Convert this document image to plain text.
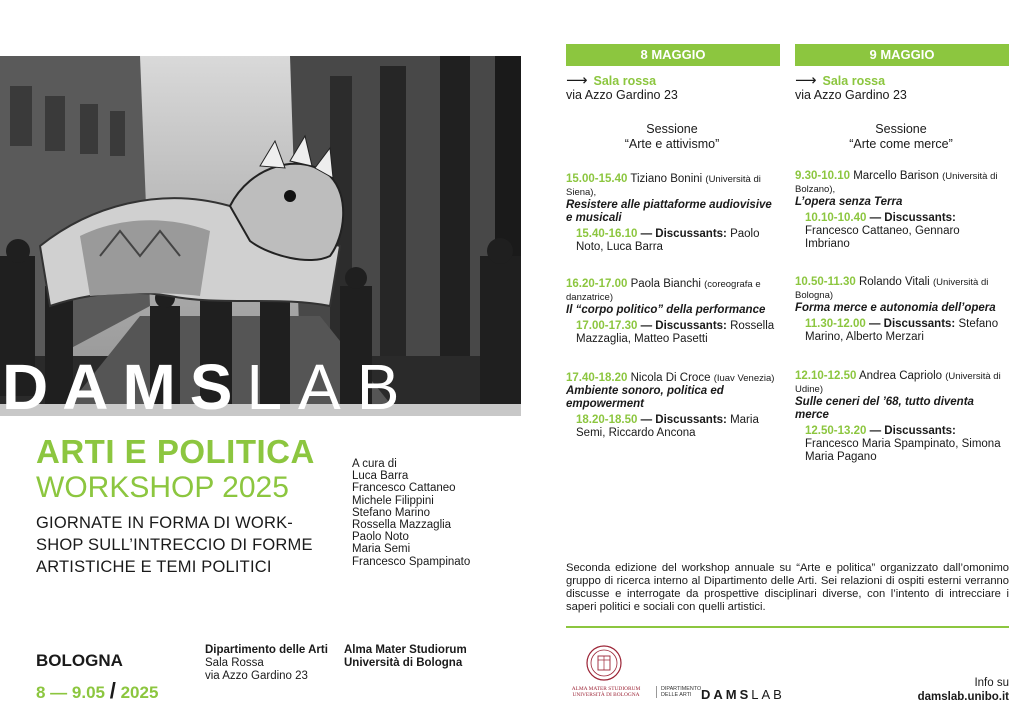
DAMSLAB
ARTI E POLITICA
WORKSHOP 2025
GIORNATE IN FORMA DI WORK-
SHOP SULL’INTRECCIO DI FORME
ARTISTICHE E TEMI POLITICI
A cura di
Luca Barra
Francesco Cattaneo
Michele Filippini
Stefano Marino
Rossella Mazzaglia
Paolo Noto
Maria Semi
Francesco Spampinato
BOLOGNA
8 — 9.05 / 2025
Dipartimento delle Arti
Sala Rossa
via Azzo Gardino 23
Alma Mater Studiorum
Università di Bologna
8 MAGGIO
⟶ Sala rossa
via Azzo Gardino 23
Sessione
“Arte e attivismo”
15.00-15.40 Tiziano Bonini (Università di Siena),
Resistere alle piattaforme audiovisive e musicali
15.40-16.10 — Discussants: Paolo Noto, Luca Barra
16.20-17.00 Paola Bianchi (coreografa e danzatrice)
Il “corpo politico” della performance
17.00-17.30 — Discussants: Rossella Mazzaglia, Matteo Pasetti
17.40-18.20 Nicola Di Croce (Iuav Venezia)
Ambiente sonoro, politica ed empowerment
18.20-18.50 — Discussants: Maria Semi, Riccardo Ancona
9 MAGGIO
⟶ Sala rossa
via Azzo Gardino 23
Sessione
“Arte come merce”
9.30-10.10 Marcello Barison (Università di Bolzano),
L’opera senza Terra
10.10-10.40 — Discussants: Francesco Cattaneo, Gennaro Imbriano
10.50-11.30 Rolando Vitali (Università di Bologna)
Forma merce e autonomia dell’opera
11.30-12.00 — Discussants: Stefano Marino, Alberto Merzari
12.10-12.50 Andrea Capriolo (Università di Udine)
Sulle ceneri del ’68, tutto diventa merce
12.50-13.20 — Discussants: Francesco Maria Spampinato, Simona Maria Pagano
Seconda edizione del workshop annuale su “Arte e politica” organizzato dall’omonimo gruppo di ricerca interno al Dipartimento delle Arti. Sei relazioni di ospiti esterni verranno discusse e interrogate da prospettive disciplinari diverse, con l’intento di intrecciare i saperi politici e sociali con quelli artistici.
ALMA MATER STUDIORUM UNIVERSITÀ DI BOLOGNA
DIPARTIMENTO DELLE ARTI DAMSLAB
Info su
damslab.unibo.it
